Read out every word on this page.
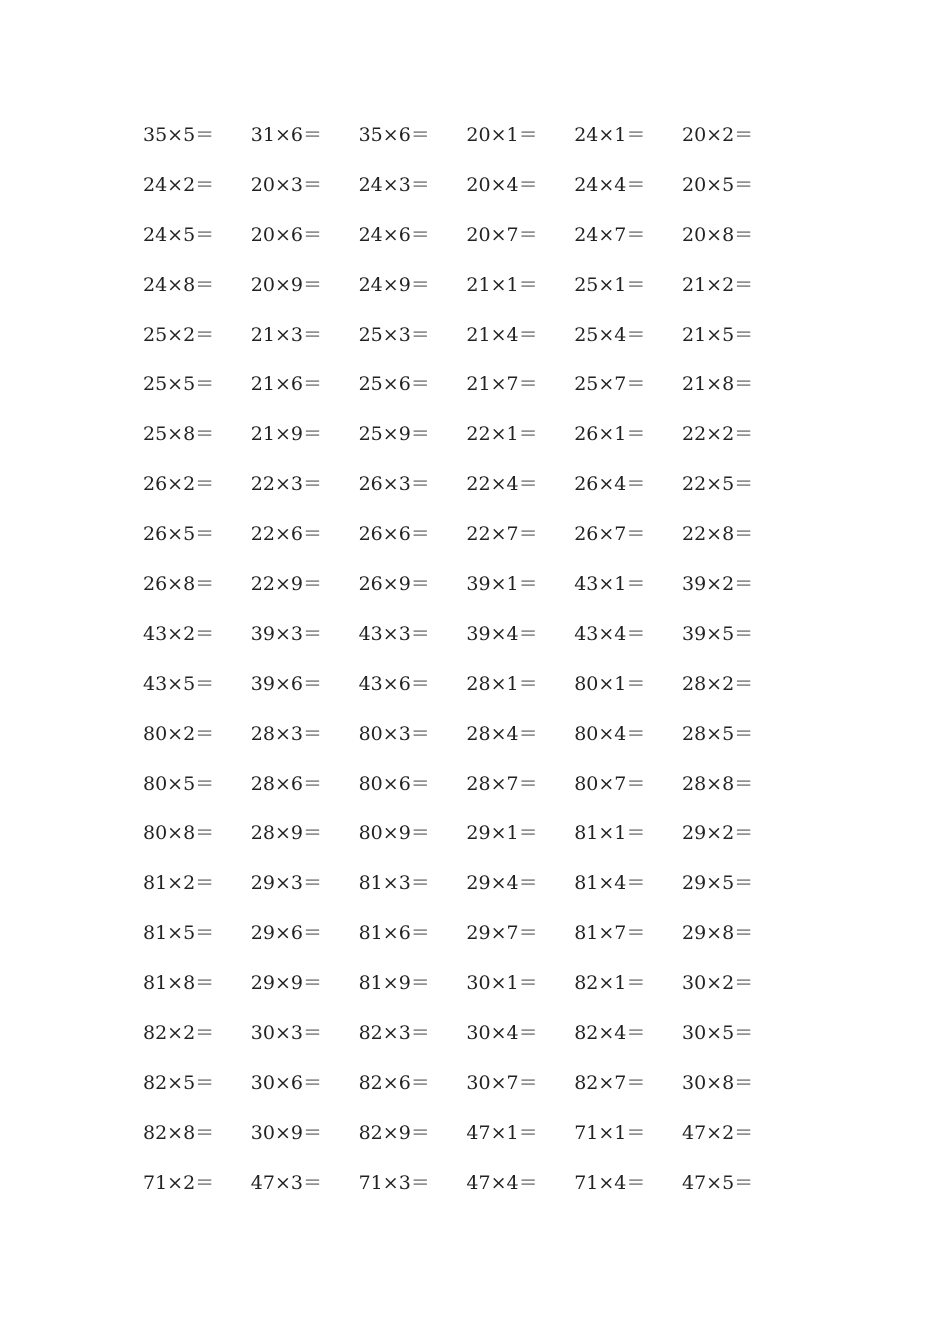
35×5＝	31×6＝	35×6＝	20×1＝	24×1＝	20×2＝
24×2＝	20×3＝	24×3＝	20×4＝	24×4＝	20×5＝
24×5＝	20×6＝	24×6＝	20×7＝	24×7＝	20×8＝
24×8＝	20×9＝	24×9＝	21×1＝	25×1＝	21×2＝
25×2＝	21×3＝	25×3＝	21×4＝	25×4＝	21×5＝
25×5＝	21×6＝	25×6＝	21×7＝	25×7＝	21×8＝
25×8＝	21×9＝	25×9＝	22×1＝	26×1＝	22×2＝
26×2＝	22×3＝	26×3＝	22×4＝	26×4＝	22×5＝
26×5＝	22×6＝	26×6＝	22×7＝	26×7＝	22×8＝
26×8＝	22×9＝	26×9＝	39×1＝	43×1＝	39×2＝
43×2＝	39×3＝	43×3＝	39×4＝	43×4＝	39×5＝
43×5＝	39×6＝	43×6＝	28×1＝	80×1＝	28×2＝
80×2＝	28×3＝	80×3＝	28×4＝	80×4＝	28×5＝
80×5＝	28×6＝	80×6＝	28×7＝	80×7＝	28×8＝
80×8＝	28×9＝	80×9＝	29×1＝	81×1＝	29×2＝
81×2＝	29×3＝	81×3＝	29×4＝	81×4＝	29×5＝
81×5＝	29×6＝	81×6＝	29×7＝	81×7＝	29×8＝
81×8＝	29×9＝	81×9＝	30×1＝	82×1＝	30×2＝
82×2＝	30×3＝	82×3＝	30×4＝	82×4＝	30×5＝
82×5＝	30×6＝	82×6＝	30×7＝	82×7＝	30×8＝
82×8＝	30×9＝	82×9＝	47×1＝	71×1＝	47×2＝
71×2＝	47×3＝	71×3＝	47×4＝	71×4＝	47×5＝
